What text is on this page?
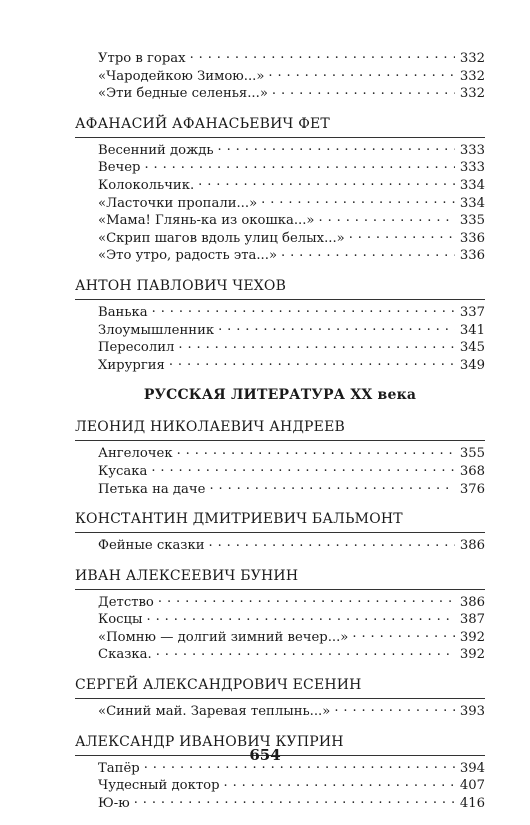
Утро в горах . . .	332
«Чародейкою Зимою...» . . .	332
«Эти бедные селенья...» . . .	332
АФАНАСИЙ АФАНАСЬЕВИЧ ФЕТ
Весенний дождь . . .	333
Вечер . . .	333
Колокольчик. . . .	334
«Ласточки пропали...» . . .	334
«Мама! Глянь-ка из окошка...» . . .	335
«Скрип шагов вдоль улиц белых...» . . .	336
«Это утро, радость эта...» . . .	336
АНТОН ПАВЛОВИЧ ЧЕХОВ
Ванька . . .	337
Злоумышленник . . .	341
Пересолил . . .	345
Хирургия . . .	349
РУССКАЯ ЛИТЕРАТУРА XX века
ЛЕОНИД НИКОЛАЕВИЧ АНДРЕЕВ
Ангелочек . . .	355
Кусака . . .	368
Петька на даче . . .	376
КОНСТАНТИН ДМИТРИЕВИЧ БАЛЬМОНТ
Фейные сказки . . .	386
ИВАН АЛЕКСЕЕВИЧ БУНИН
Детство . . .	386
Косцы . . .	387
«Помню — долгий зимний вечер...» . . .	392
Сказка. . . .	392
СЕРГЕЙ АЛЕКСАНДРОВИЧ ЕСЕНИН
«Синий май. Заревая теплынь...» . . .	393
АЛЕКСАНДР ИВАНОВИЧ КУПРИН
Тапёр . . .	394
Чудесный доктор . . .	407
Ю-ю . . .	416
654
